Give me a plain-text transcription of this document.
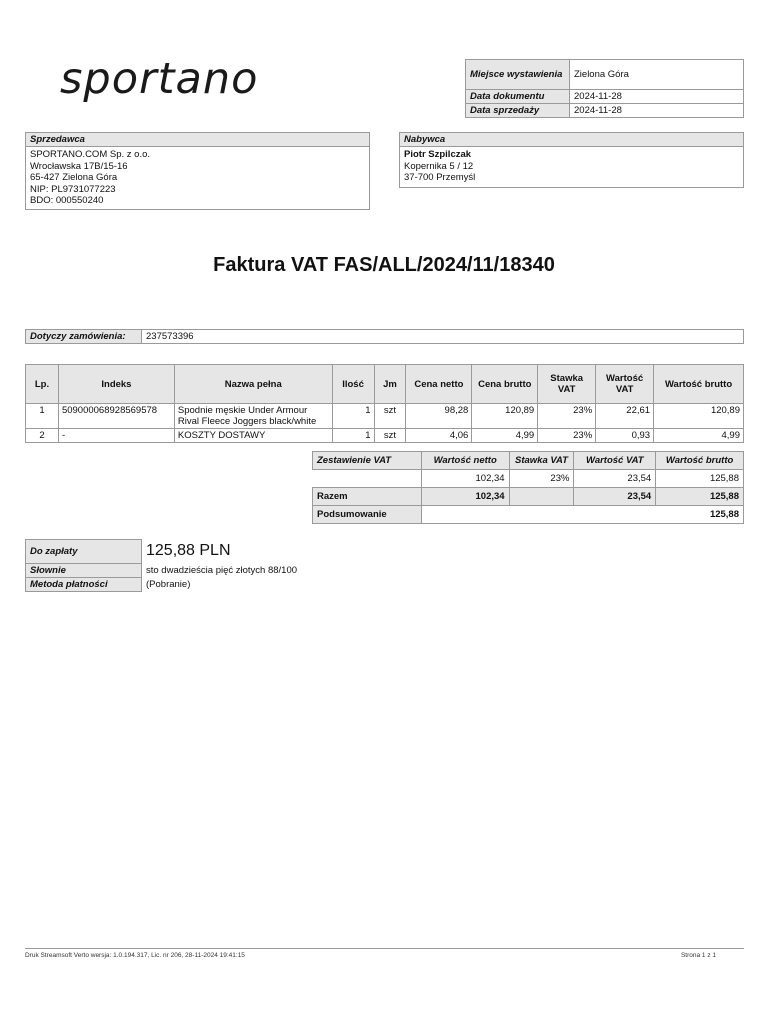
sportano	Miejsce wystawienia	Zielona Góra
Data dokumentu	2024-11-28
Data sprzedaży	2024-11-28
Sprzedawca
SPORTANO.COM Sp. z o.o.
Wrocławska 17B/15-16
65-427 Zielona Góra
NIP: PL9731077223
BDO: 000550240
Nabywca
Piotr Szpilczak
Kopernika 5 / 12
37-700 Przemyśl
Faktura VAT FAS/ALL/2024/11/18340
Dotyczy zamówienia:	237573396
Lp.	Indeks	Nazwa pełna	Ilość	Jm	Cena netto	Cena brutto	Stawka VAT	Wartość VAT	Wartość brutto
1	509000068928569578	Spodnie męskie Under Armour Rival Fleece Joggers black/white	1	szt	98,28	120,89	23%	22,61	120,89
2	-	KOSZTY DOSTAWY	1	szt	4,06	4,99	23%	0,93	4,99
Zestawienie VAT	Wartość netto	Stawka VAT	Wartość VAT	Wartość brutto
	102,34	23%	23,54	125,88
Razem	102,34		23,54	125,88
Podsumowanie	125,88			
Do zapłaty	125,88 PLN
Słownie	sto dwadzieścia pięć złotych 88/100
Metoda płatności	(Pobranie)
Druk Streamsoft Verto wersja: 1.0.194.317, Lic. nr 206, 28-11-2024 19:41:15	Strona 1 z 1
